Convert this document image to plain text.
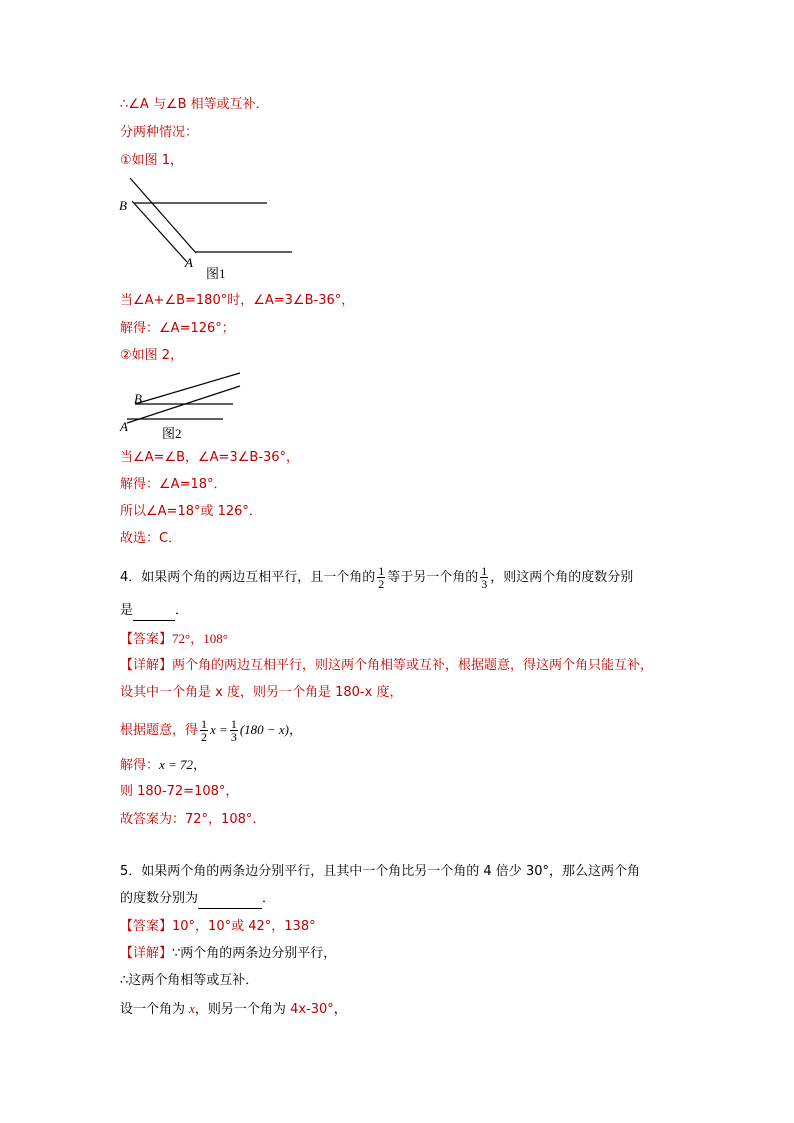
∴∠A 与∠B 相等或互补．
分两种情况：
①如图 1，
B
A
图1
当∠A+∠B=180°时，∠A=3∠B-36°，
解得：∠A=126°；
②如图 2，
B
A	图2
当∠A=∠B，∠A=3∠B-36°，
解得：∠A=18°．
所以∠A=18°或 126°．
故选：C．
4．如果两个角的两边互相平行，且一个角的 $\frac{1}{2}$ 等于另一个角的 $\frac{1}{3}$ ，则这两个角的度数分别
是	．
【答案】72°，108°
【详解】两个角的两边互相平行，则这两个角相等或互补，根据题意，得这两个角只能互补，
设其中一个角是 x 度，则另一个角是 180-x 度，
根据题意，得 $\frac{1}{2}$ $x = \frac{1}{3} (180 - x)$，
解得：x = 72，
则 180-72=108°，
故答案为：72°，108°.
5．如果两个角的两条边分别平行，且其中一个角比另一个角的 4 倍少 30°，那么这两个角
的度数分别为	．
【答案】10°，10°或 42°，138°
【详解】∵两个角的两条边分别平行，
∴这两个角相等或互补．
设一个角为 x，则另一个角为 4x-30°，
